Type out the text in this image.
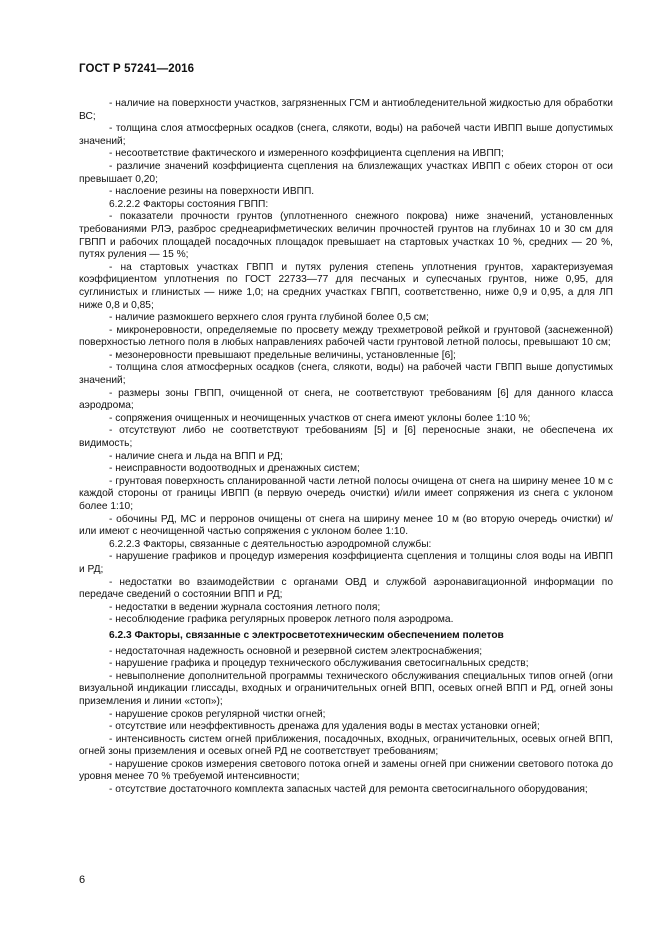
ГОСТ Р 57241—2016

- наличие на поверхности участков, загрязненных ГСМ и антиобледенительной жидкостью для обработки ВС;

- толщина слоя атмосферных осадков (снега, слякоти, воды) на рабочей части ИВПП выше допустимых значений;

- несоответствие фактического и измеренного коэффициента сцепления на ИВПП;

- различие значений коэффициента сцепления на близлежащих участках ИВПП с обеих сторон от оси превышает 0,20;

- наслоение резины на поверхности ИВПП.

6.2.2.2 Факторы состояния ГВПП:

- показатели прочности грунтов (уплотненного снежного покрова) ниже значений, установленных требованиями РЛЭ, разброс среднеарифметических величин прочностей грунтов на глубинах 10 и 30 см для ГВПП и рабочих площадей посадочных площадок превышает на стартовых участках 10 %, средних — 20 %, путях руления — 15 %;

- на стартовых участках ГВПП и путях руления степень уплотнения грунтов, характеризуемая коэффициентом уплотнения по ГОСТ 22733—77 для песчаных и супесчаных грунтов, ниже 0,95, для суглинистых и глинистых — ниже 1,0; на средних участках ГВПП, соответственно, ниже 0,9 и 0,95, а для ЛП ниже 0,8 и 0,85;

- наличие размокшего верхнего слоя грунта глубиной более 0,5 см;

- микронеровности, определяемые по просвету между трехметровой рейкой и грунтовой (заснеженной) поверхностью летного поля в любых направлениях рабочей части грунтовой летной полосы, превышают 10 см;

- мезонеровности превышают предельные величины, установленные [6];

- толщина слоя атмосферных осадков (снега, слякоти, воды) на рабочей части ГВПП выше допустимых значений;

- размеры зоны ГВПП, очищенной от снега, не соответствуют требованиям [6] для данного класса аэродрома;

- сопряжения очищенных и неочищенных участков от снега имеют уклоны более 1:10 %;

- отсутствуют либо не соответствуют требованиям [5] и [6] переносные знаки, не обеспечена их видимость;

- наличие снега и льда на ВПП и РД;

- неисправности водоотводных и дренажных систем;

- грунтовая поверхность спланированной части летной полосы очищена от снега на ширину менее 10 м с каждой стороны от границы ИВПП (в первую очередь очистки) и/или имеет сопряжения из снега с уклоном более 1:10;

- обочины РД, МС и перронов очищены от снега на ширину менее 10 м (во вторую очередь очистки) и/или имеют с неочищенной частью сопряжения с уклоном более 1:10.

6.2.2.3 Факторы, связанные с деятельностью аэродромной службы:

- нарушение графиков и процедур измерения коэффициента сцепления и толщины слоя воды на ИВПП и РД;

- недостатки во взаимодействии с органами ОВД и службой аэронавигационной информации по передаче сведений о состоянии ВПП и РД;

- недостатки в ведении журнала состояния летного поля;

- несоблюдение графика регулярных проверок летного поля аэродрома.

6.2.3 Факторы, связанные с электросветотехническим обеспечением полетов

- недостаточная надежность основной и резервной систем электроснабжения;

- нарушение графика и процедур технического обслуживания светосигнальных средств;

- невыполнение дополнительной программы технического обслуживания специальных типов огней (огни визуальной индикации глиссады, входных и ограничительных огней ВПП, осевых огней ВПП и РД, огней зоны приземления и линии «стоп»);

- нарушение сроков регулярной чистки огней;

- отсутствие или неэффективность дренажа для удаления воды в местах установки огней;

- интенсивность систем огней приближения, посадочных, входных, ограничительных, осевых огней ВПП, огней зоны приземления и осевых огней РД не соответствует требованиям;

- нарушение сроков измерения светового потока огней и замены огней при снижении светового потока до уровня менее 70 % требуемой интенсивности;

- отсутствие достаточного комплекта запасных частей для ремонта светосигнального оборудования;

6
